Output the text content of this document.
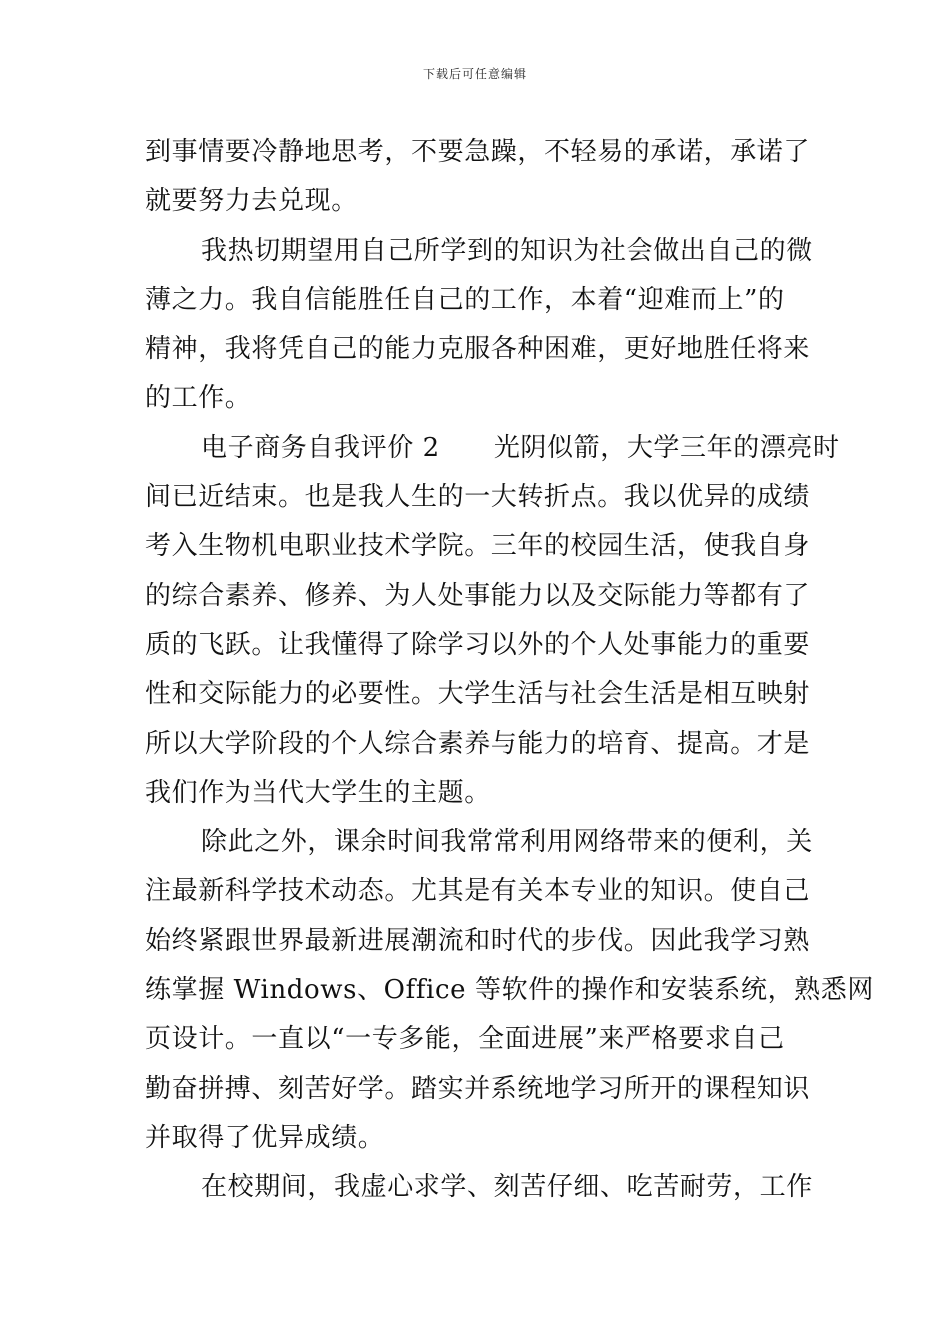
下载后可任意编辑
到事情要冷静地思考，不要急躁，不轻易的承诺，承诺了
就要努力去兑现。
我热切期望用自己所学到的知识为社会做出自己的微
薄之力。我自信能胜任自己的工作，本着“迎难而上”的
精神，我将凭自己的能力克服各种困难，更好地胜任将来
的工作。
电子商务自我评价 2 光阴似箭，大学三年的漂亮时
间已近结束。也是我人生的一大转折点。我以优异的成绩
考入生物机电职业技术学院。三年的校园生活，使我自身
的综合素养、修养、为人处事能力以及交际能力等都有了
质的飞跃。让我懂得了除学习以外的个人处事能力的重要
性和交际能力的必要性。大学生活与社会生活是相互映射
所以大学阶段的个人综合素养与能力的培育、提高。才是
我们作为当代大学生的主题。
除此之外，课余时间我常常利用网络带来的便利，关
注最新科学技术动态。尤其是有关本专业的知识。使自己
始终紧跟世界最新进展潮流和时代的步伐。因此我学习熟
练掌握 Windows、Office 等软件的操作和安装系统，熟悉网
页设计。一直以“一专多能，全面进展”来严格要求自己
勤奋拼搏、刻苦好学。踏实并系统地学习所开的课程知识
并取得了优异成绩。
在校期间，我虚心求学、刻苦仔细、吃苦耐劳，工作
